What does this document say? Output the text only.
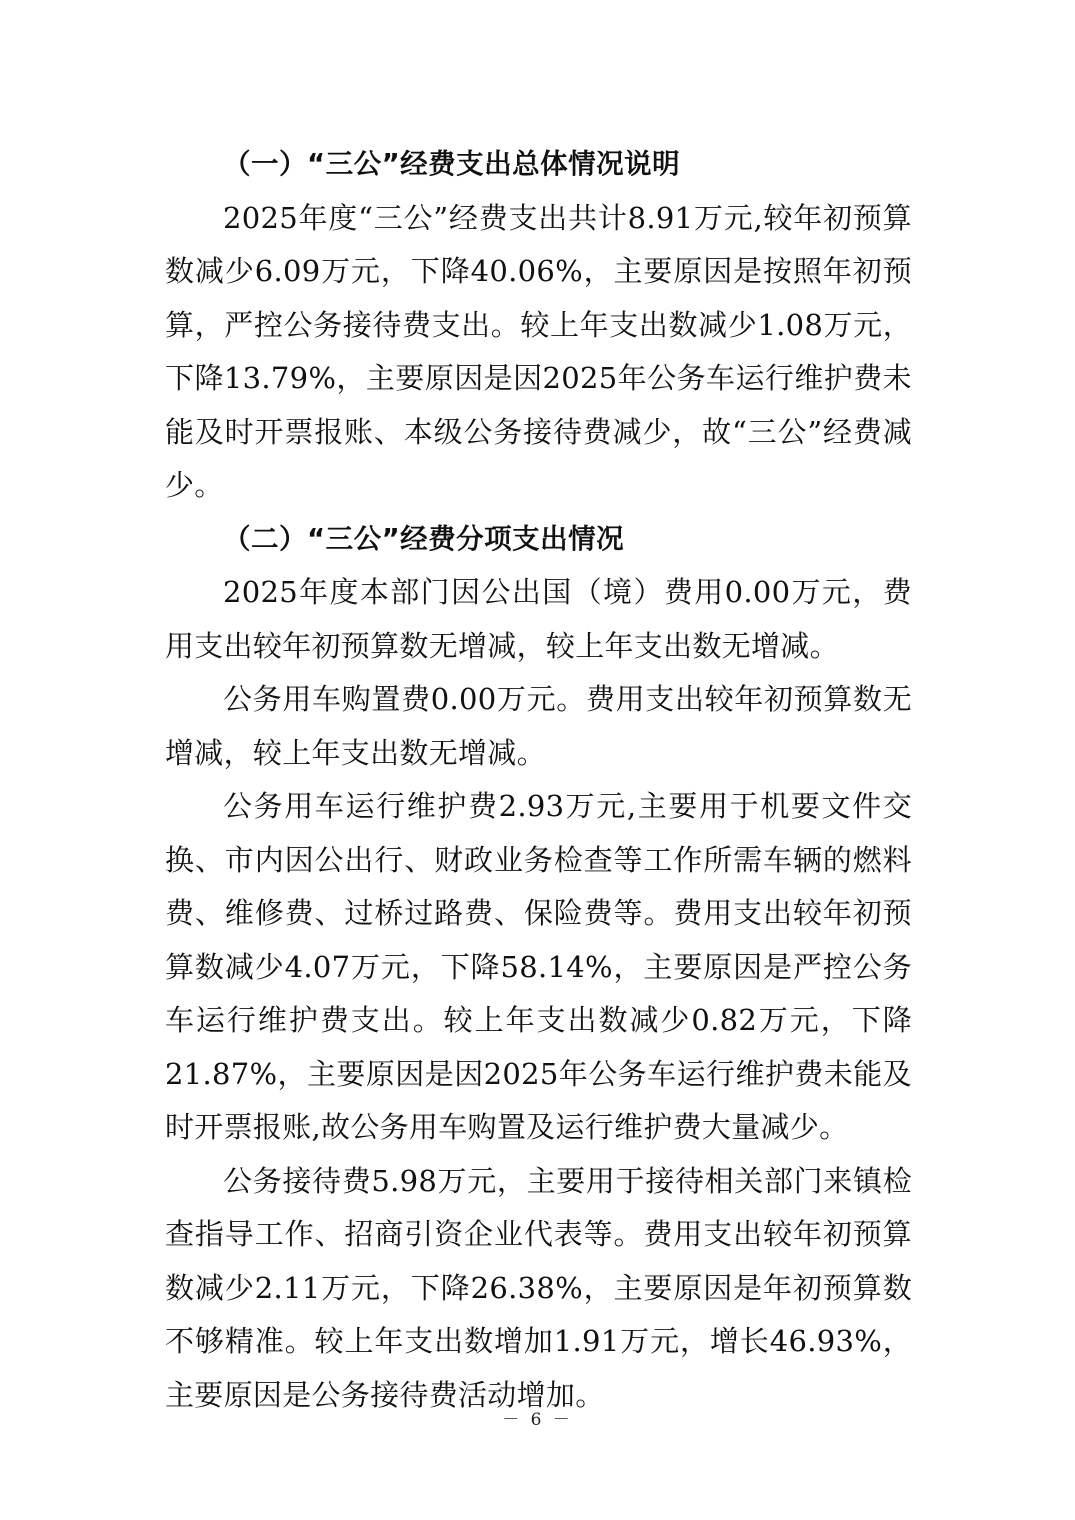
（一）“三公”经费支出总体情况说明

2025年度“三公”经费支出共计8.91万元,较年初预算数减少6.09万元，下降40.06%，主要原因是按照年初预算，严控公务接待费支出。较上年支出数减少1.08万元，下降13.79%，主要原因是因2025年公务车运行维护费未能及时开票报账、本级公务接待费减少，故“三公”经费减少。

（二）“三公”经费分项支出情况

2025年度本部门因公出国（境）费用0.00万元，费用支出较年初预算数无增减，较上年支出数无增减。

公务用车购置费0.00万元。费用支出较年初预算数无增减，较上年支出数无增减。

公务用车运行维护费2.93万元,主要用于机要文件交换、市内因公出行、财政业务检查等工作所需车辆的燃料费、维修费、过桥过路费、保险费等。费用支出较年初预算数减少4.07万元，下降58.14%，主要原因是严控公务车运行维护费支出。较上年支出数减少0.82万元，下降21.87%，主要原因是因2025年公务车运行维护费未能及时开票报账,故公务用车购置及运行维护费大量减少。

公务接待费5.98万元，主要用于接待相关部门来镇检查指导工作、招商引资企业代表等。费用支出较年初预算数减少2.11万元，下降26.38%，主要原因是年初预算数不够精准。较上年支出数增加1.91万元，增长46.93%，主要原因是公务接待费活动增加。

－ 6 －
